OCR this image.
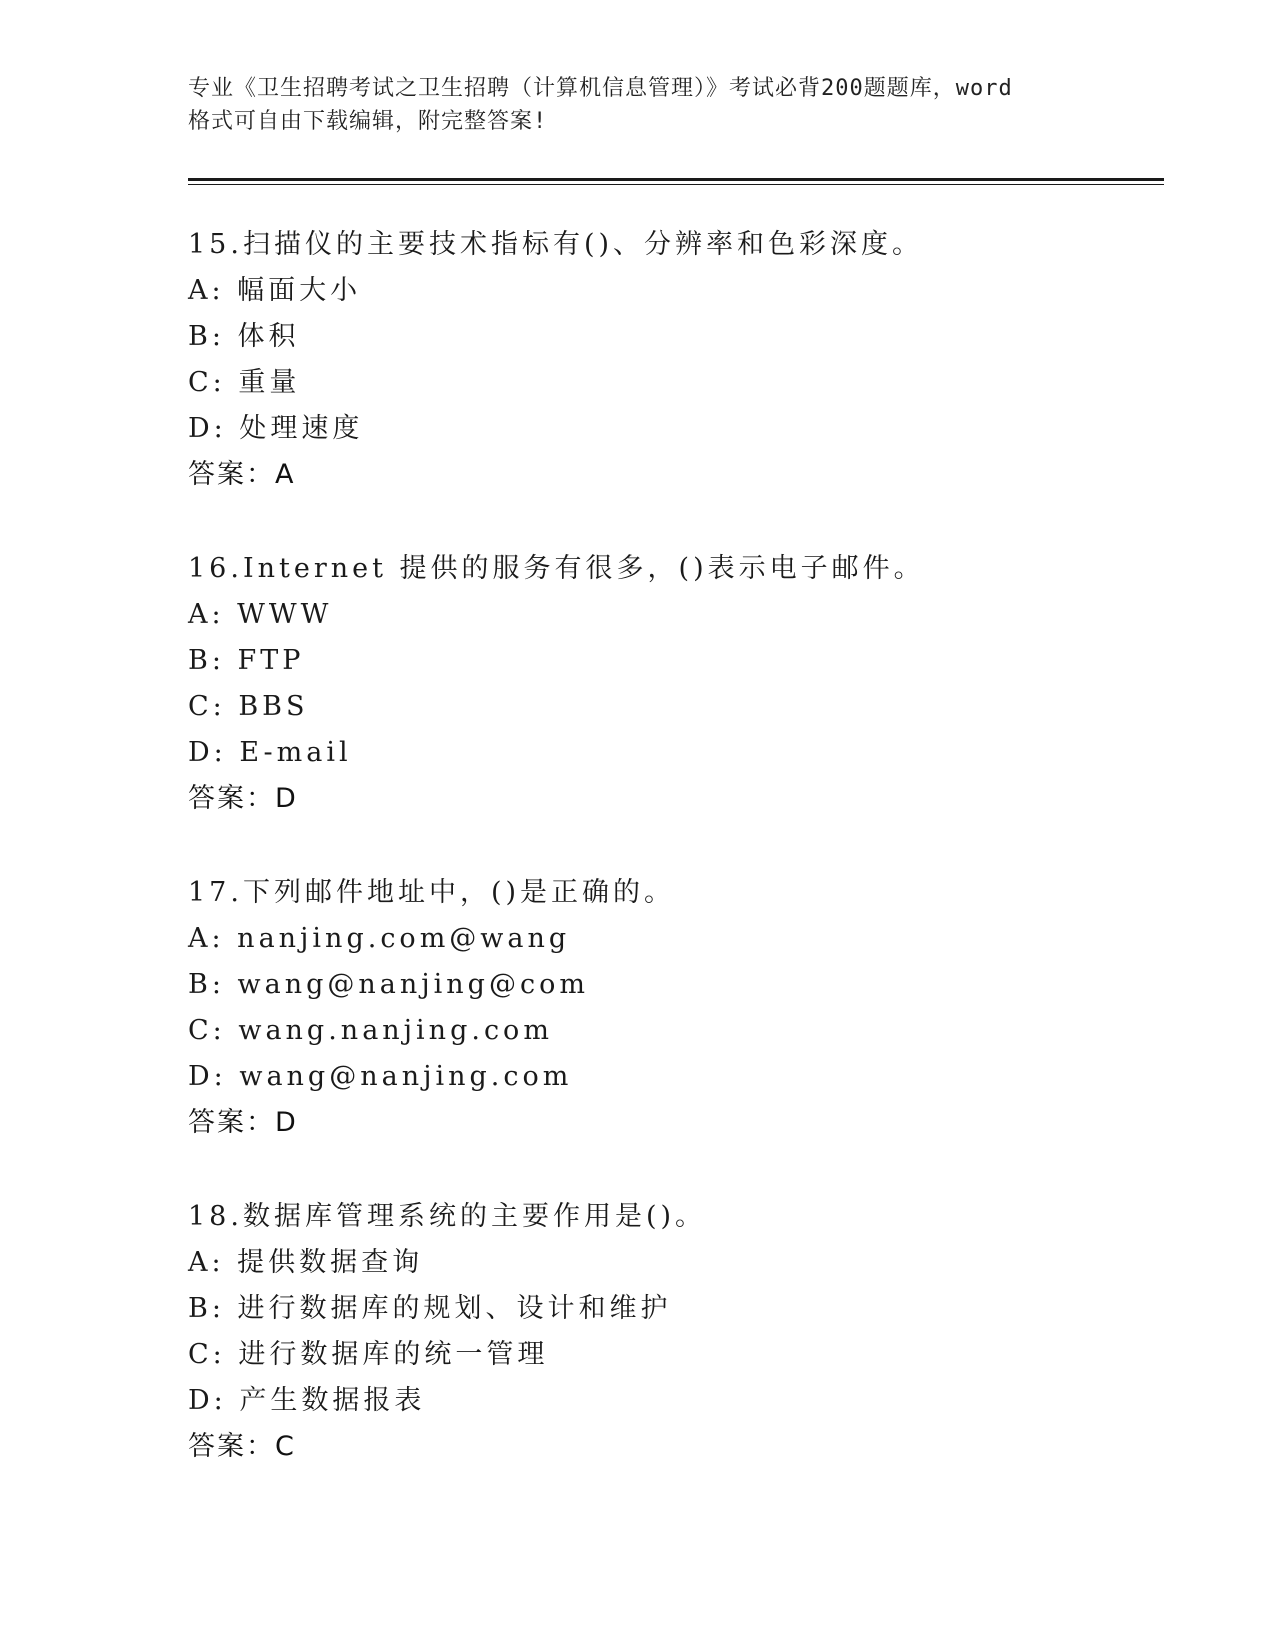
专业《卫生招聘考试之卫生招聘（计算机信息管理）》考试必背200题题库，word
格式可自由下载编辑，附完整答案!
15.扫描仪的主要技术指标有()、分辨率和色彩深度。
A: 幅面大小
B: 体积
C: 重量
D: 处理速度
答案：A
16.Internet 提供的服务有很多，()表示电子邮件。
A: WWW
B: FTP
C: BBS
D: E-mail
答案：D
17.下列邮件地址中，()是正确的。
A: nanjing.com@wang
B: wang@nanjing@com
C: wang.nanjing.com
D: wang@nanjing.com
答案：D
18.数据库管理系统的主要作用是()。
A: 提供数据查询
B: 进行数据库的规划、设计和维护
C: 进行数据库的统一管理
D: 产生数据报表
答案：C
